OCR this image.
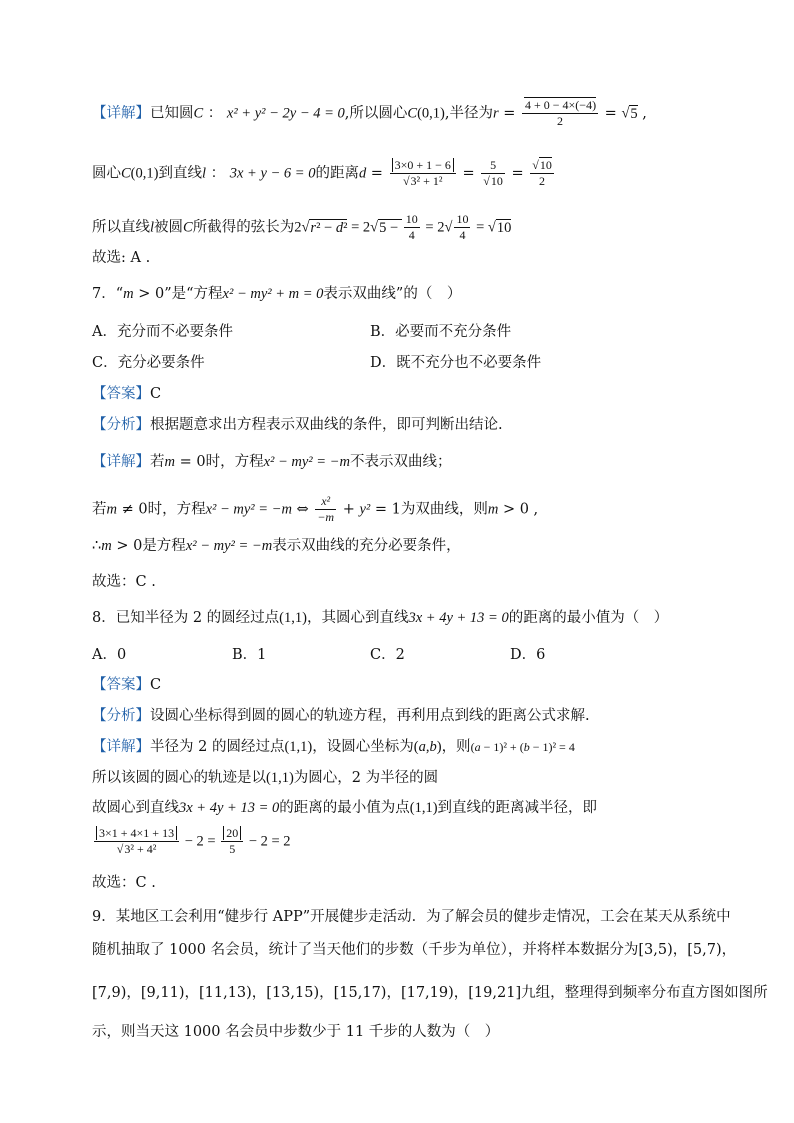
【详解】已知圆C ： x² + y² − 2y − 4 = 0,所以圆心C(0,1),半径为$r = \frac{4 + 0 - 4\times(-4)}{2} = √5$ ,
圆心C(0,1)到直线l ： 3x + y − 6 = 0的距离$d = \frac{3\times 0 + 1 - 6}{\text{√3² + 1²}} = \frac{5}{√10} = \frac{√10}{2}$
所以直线l被圆C所截得的弦长为$2√r^2 - d^2 = 2√5 - \frac{10}{4} = 2√ \frac{10}{4} = √10$
故选: A .
7．“m > 0”是“方程x² − my² + m = 0表示双曲线”的（　）
A．充分而不必要条件	B．必要而不充分条件
C．充分必要条件	D．既不充分也不必要条件
【答案】C
【分析】根据题意求出方程表示双曲线的条件，即可判断出结论.
【详解】若m = 0时，方程x² − my² = −m不表示双曲线；
若m ≠ 0时，方程x² − my² = −m ⇔ $\frac{\text{x²}}{-m} + y^2 = 1$为双曲线，则m > 0 ,
∴m > 0是方程x² − my² = −m表示双曲线的充分必要条件，
故选：C .
8．已知半径为 2 的圆经过点(1,1)，其圆心到直线3x + 4y + 13 = 0的距离的最小值为（　）
A．0	B．1	C．2	D．6
【答案】C
【分析】设圆心坐标得到圆的圆心的轨迹方程，再利用点到线的距离公式求解.
【详解】半径为 2 的圆经过点(1,1)，设圆心坐标为(a,b)，则(a − 1)² + (b − 1)² = 4
所以该圆的圆心的轨迹是以(1,1)为圆心，2 为半径的圆
故圆心到直线3x + 4y + 13 = 0的距离的最小值为点(1,1)到直线的距离减半径，即
$\frac{3\times 1 + 4\times 1 + 13}{\text{√3² + 4²}} - 2 = \frac{20}{5} - 2 = 2$
故选：C .
9．某地区工会利用“健步行 APP”开展健步走活动．为了解会员的健步走情况，工会在某天从系统中
随机抽取了 1000 名会员，统计了当天他们的步数（千步为单位），并将样本数据分为[3,5)，[5,7)，
[7,9)，[9,11)，[11,13)，[13,15)，[15,17)，[17,19)，[19,21]九组，整理得到频率分布直方图如图所
示，则当天这 1000 名会员中步数少于 11 千步的人数为（　）
